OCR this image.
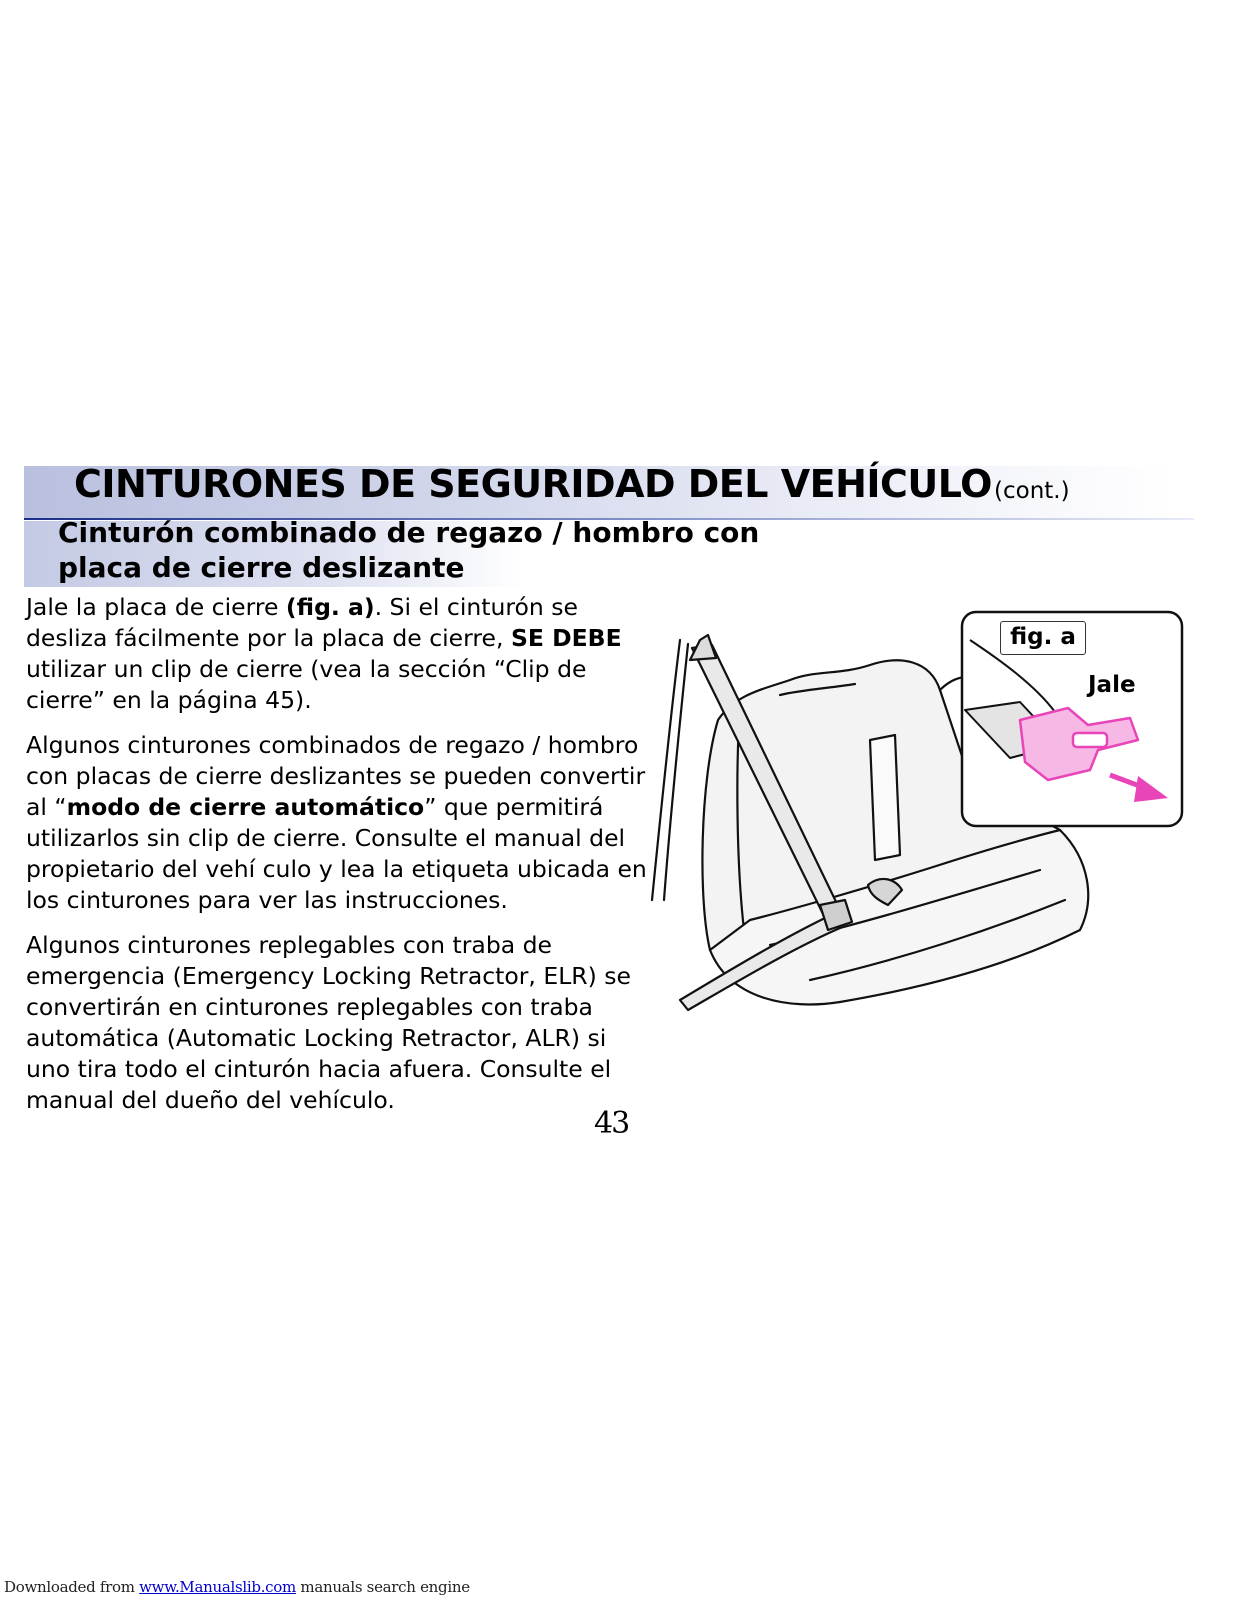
CINTURONES DE SEGURIDAD DEL VEHÍCULO (cont.)
Cinturón combinado de regazo / hombro con
placa de cierre deslizante

Jale la placa de cierre (fig. a). Si el cinturón se desliza fácilmente por la placa de cierre, SE DEBE utilizar un clip de cierre (vea la sección “Clip de cierre” en la página 45).

Algunos cinturones combinados de regazo / hombro con placas de cierre deslizantes se pueden convertir al “modo de cierre automático” que permitirá utilizarlos sin clip de cierre. Consulte el manual del propietario del vehí culo y lea la etiqueta ubicada en los cinturones para ver las instrucciones.

Algunos cinturones replegables con traba de emergencia (Emergency Locking Retractor, ELR) se convertirán en cinturones replegables con traba automática (Automatic Locking Retractor, ALR) si uno tira todo el cinturón hacia afuera. Consulte el manual del dueño del vehículo.

43
fig. a
Jale
Downloaded from www.Manualslib.com manuals search engine
